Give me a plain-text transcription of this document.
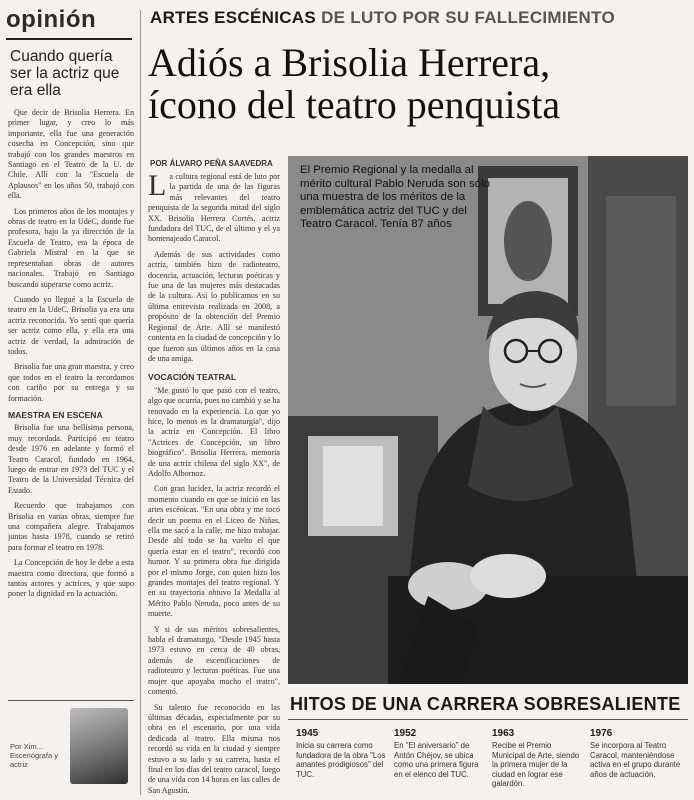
opinión
Cuando quería ser la actriz que era ella

Que decir de Brisolia Herrera. En primer lugar, y creo lo más importante, ella fue una generación cosecha en Concepción, sino que trabajó con los grandes maestros en Santiago en el Teatro de la U. de Chile. Allí con la "Escuela de Aplausos" en los años 50, trabajó con ella.

Los primeros años de los montajes y obras de teatro en la UdeC, donde fue profesora, bajo la ya dirección de la Escuela de Teatro, era la época de Gabriela Mistral en la que se representaban obras de autores nacionales. Trabajó en Santiago buscando superarse como actriz.

Cuando yo llegué a la Escuela de teatro en la UdeC, Brisolia ya era una actriz reconocida. Yo sentí que quería ser actriz como ella, y ella era una actriz de verdad, la admiración de todos.

Brisolia fue una gran maestra, y creo que todos en el teatro la recordamos con cariño por su entrega y su formación.

MAESTRA EN ESCENA

Brisolia fue una bellísima persona, muy recordada. Participó en teatro desde 1976 en adelante y formó el Teatro Caracol, fundado en 1964, luego de entrar en 1973 del TUC y el Teatro de la Universidad Técnica del Estado.

Recuerdo que trabajamos con Brisolia en varias obras, siempre fue una compañera alegre. Trabajamos juntas hasta 1978, cuando se retiró para formar el teatro en 1978.

La Concepción de hoy le debe a esta maestra como directora, que formó a tantos actores y actrices, y que supo poner la dignidad en la actuación.

Por Xim... Escenógrafa y actriz
ARTES ESCÉNICAS DE LUTO POR SU FALLECIMIENTO
Adiós a Brisolia Herrera,
ícono del teatro penquista
POR ÁLVARO PEÑA SAAVEDRA

La cultura regional está de luto por la partida de una de las figuras más relevantes del teatro penquista de la segunda mitad del siglo XX. Brisolia Herrera Cortés, actriz fundadora del TUC, de el último y el ya homenajeado Caracol.

Además de sus actividades como actriz, también hizo de radioteatro, docencia, actuación, lecturas poéticas y fue una de las mujeres más destacadas de la cultura. Así lo publicamos en su última entrevista realizada en 2008, a propósito de la obtención del Premio Regional de Arte. Allí se manifestó contenta en la ciudad de concepción y lo que fueron sus últimos años en la casa de una amiga.

VOCACIÓN TEATRAL

"Me gustó lo que pasó con el teatro, algo que ocurría, pues no cambió y se ha renovado en la experiencia. Lo que yo hice, lo menos es la dramaturgia", dijo la actriz en Concepción. El libro "Actrices de Concepción, un libro biográfico". Brisolia Herrera, memoria de una actriz chilena del siglo XX", de Adolfo Albornoz.

Con gran lucidez, la actriz recordó el momento cuando en que se inició en las artes escénicas. "En una obra y me tocó decir un poema en el Liceo de Niñas, ella me sacó a la calle, me hizo trabajar. Desde ahí todo se ha vuelto el que quería estar en el teatro", recordó con humor. Y su primera obra fue dirigida por el mismo Jorge, con quien hizo los grandes montajes del teatro regional. Y en su trayectoria obtuvo la Medalla al Mérito Pablo Neruda, poco antes de su muerte.

Y si de sus méritos sobresalientes, habla el dramaturgo. "Desde 1945 hasta 1973 estuvo en cerca de 40 obras, además de escenificaciones de radioteatro y lecturas poéticas. Fue una mujer que apoyaba mucho el teatro", comentó.

Su talento fue reconocido en las últimas décadas, especialmente por su obra en el escenario, por una vida dedicada al teatro. Ella misma nos recordó su vida en la ciudad y siempre estuvo a su lado y su carrera, hasta el final en los días del teatro caracol, luego de una vida con 14 horas en las calles de San Agustín.

El Premio Regional y la medalla al mérito cultural Pablo Neruda son sólo una muestra de los méritos de la emblemática actriz del TUC y del Teatro Caracol. Tenía 87 años
HITOS DE UNA CARRERA SOBRESALIENTE
1945
Inicia su carrera como fundadora de la obra "Los amantes prodigiosos" del TUC.
1952
En "El aniversario" de Antón Chéjov, se ubica como una primera figura en el elenco del TUC.
1963
Recibe el Premio Municipal de Arte, siendo la primera mujer de la ciudad en lograr ese galardón.
1976
Se incorpora al Teatro Caracol, manteniéndose activa en el grupo durante años de actuación.
